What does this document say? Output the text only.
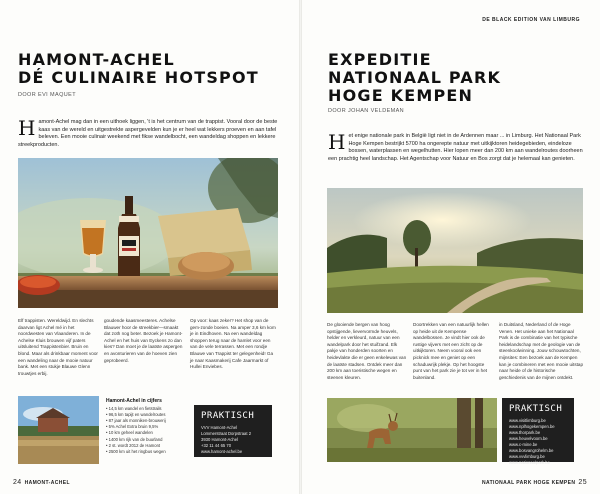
DE BLACK EDITION VAN LIMBURG
HAMONT-ACHEL
DÉ CULINAIRE HOTSPOT
DOOR EVI MAQUET
Hamont-Achel mag dan in een uithoek liggen, 't is het centrum van de trappist. Vooral door de beste kaas van de wereld en uitgestrekte aspergevelden kun je er heel wat lekkers proeven en aan tafel beleven. Een mooie culinair weekend met fikse wandelbocht, een wandeldag shoppen en lekkere streekproducten.
Elf trappisten. Wereldwijd. En slechts daarvan ligt Achel mé in het noordwesten van Vlaanderen. In de Achelse Kluis brouwen vijf paters uitsluitend Trappistenbier. Bruin en blond. Maar als drinkbaar moment voor een wandeling naar de mooie natuur bank. Met een stukje Blauwe Glenn trouwtjes erbij.
goudende kaasmeesteres. Achelse Blauwer hoor de streekbier—smaakt dat zoth nog beter. Bezoek je Hamont-Achel en het huis van Eyckens zo dan kies? Dan moet je de laatste aspergen en avonturieren van de hoeven zien geprobeerd.
Op voor: kaas zeker? Het shop van de gem-zonde boeien. Na amper 3,6 km kom je in Eindhoven. Na een wandeldag shoppen terug naar de hamlet voor een van de vele terrassen. Met een rondje Blauwe van Trappist ter gelegenheid! Ga je naar Kaasmakerij Cafe Jaarmarkt of Hullei Enviebes.
Hamont-Achel in cijfers
• 14,5 km wandel en fietstrails
• 96,5 km tapijt en wandelroutes
• 87 jaar als monniken-brouwerij
• 5% Achel Extra bruin 9,5%
• 10 km geheel wandelen
• 1400 km rijk van de buurland
• 2 st. wordt 2012 de Hamont
• 2500 km uit het ringbus wegen
PRAKTISCH
VVV Hamont-Achel
Lommerstraat Dorpstraat 2
3930 Hamont-Achel
+32 11 44 65 70
www.hamont-achel.be
24 HAMONT-ACHEL
EXPEDITIE
NATIONAAL PARK
HOGE KEMPEN
DOOR JOHAN VELDEMAN
Het enige nationale park in België ligt niet in de Ardennen maar ... in Limburg. Het Nationaal Park Hoge Kempen bestrijkt 5700 ha ongerepte natuur met uitkijktoren heidegebieden, eindeloze bossen, waterplassen en wegelhutten. Hier lopen meer dan 200 km aan wandelroutes doorheen een prachtig heel landschap. Het Agentschap voor Natuur en Bos zorgt dat je helemaal kan genieten.
De glooiende bergen van hoog opstijgende, lievervormde heuvels, helder en verkleurd, natuur van een wandelpark door het stuifzand. Elk pakje van honderden soorten en heidevlakte die er geen enkelewas van de laatste stadsen. Ontdek meer dan 200 km aan toeristische wegen en steenen kleuren.
Doortrekken van een natuurlijk hellen op heide uit de Kempense wandelbossen. Je vindt hier ook de rustige vijvers met een zicht op de uitkijktoren. Neem vooral ook een picknick mee en geniet op een schaduwrijk plekje. Op het hoogste punt van het park zie je tot ver in het buitenland.
in Duitsland, Nederland of de Hoge Venen. Het unieke aan het Nationaal Park is de combinatie van het typische heidelandschap met de geologie van de steenkoolwinning. Jouw schouwtochten, mijnsites: Een bezoek aan de Kempen kan je combineren met een mooie uitstap naar heide of de historische geschiedenis van de mijnen ontdekt.
PRAKTISCH
www.visitlimburg.be
www.nplhogekempen.be
www.thorpark.be
www.heuvelvoorn.be
www.c-mine.be
www.bosvangrohelm.be
www.vvvlimburg.be
www.nationaalpark.be
NATIONAAL PARK HOGE KEMPEN 25
